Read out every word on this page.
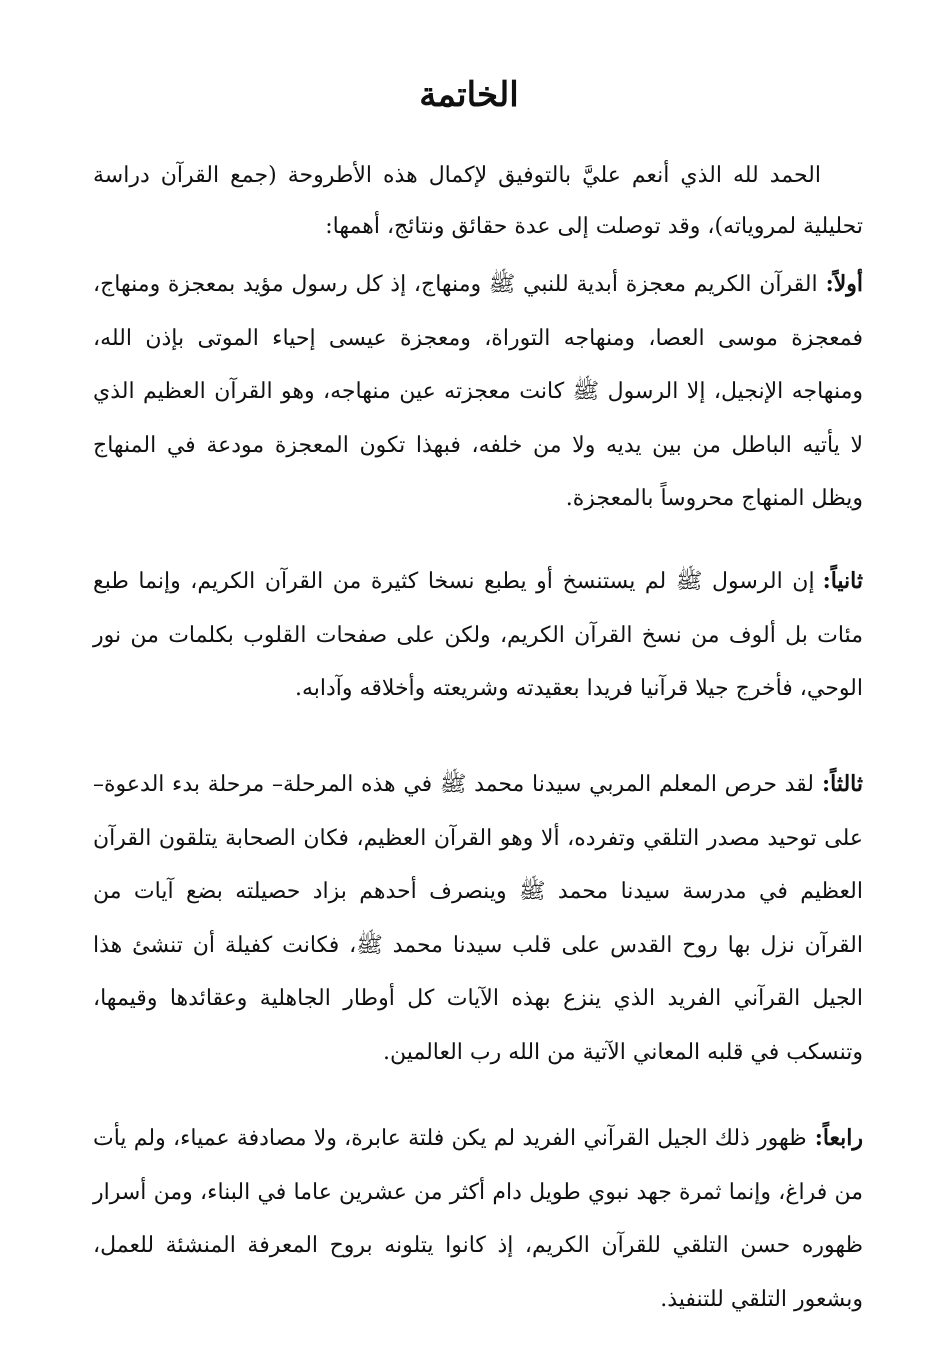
الخاتمة

الحمد لله الذي أنعم عليَّ بالتوفيق لإكمال هذه الأطروحة (جمع القرآن دراسة تحليلية لمروياته)، وقد توصلت إلى عدة حقائق ونتائج، أهمها:

أولاً:القرآن الكريم معجزة أبدية للنبي ﷺ ومنهاج، إذ كل رسول مؤيد بمعجزة ومنهاج، فمعجزة موسى العصا، ومنهاجه التوراة، ومعجزة عيسى إحياء الموتى بإذن الله، ومنهاجه الإنجيل، إلا الرسول ﷺ كانت معجزته عين منهاجه، وهو القرآن العظيم الذي لا يأتيه الباطل من بين يديه ولا من خلفه، فبهذا تكون المعجزة مودعة في المنهاج ويظل المنهاج محروساً بالمعجزة.

ثانياً:إن الرسول ﷺ لم يستنسخ أو يطبع نسخا كثيرة من القرآن الكريم، وإنما طبع مئات بل ألوف من نسخ القرآن الكريم، ولكن على صفحات القلوب بكلمات من نور الوحي، فأخرج جيلا قرآنيا فريدا بعقيدته وشريعته وأخلاقه وآدابه.

ثالثاً:لقد حرص المعلم المربي سيدنا محمد ﷺ في هذه المرحلة– مرحلة بدء الدعوة– على توحيد مصدر التلقي وتفرده، ألا وهو القرآن العظيم، فكان الصحابة يتلقون القرآن العظيم في مدرسة سيدنا محمد ﷺ وينصرف أحدهم بزاد حصيلته بضع آيات من القرآن نزل بها روح القدس على قلب سيدنا محمد ﷺ، فكانت كفيلة أن تنشئ هذا الجيل القرآني الفريد الذي ينزع بهذه الآيات كل أوطار الجاهلية وعقائدها وقيمها، وتنسكب في قلبه المعاني الآتية من الله رب العالمين.

رابعاً:ظهور ذلك الجيل القرآني الفريد لم يكن فلتة عابرة، ولا مصادفة عمياء، ولم يأت من فراغ، وإنما ثمرة جهد نبوي طويل دام أكثر من عشرين عاما في البناء، ومن أسرار ظهوره حسن التلقي للقرآن الكريم، إذ كانوا يتلونه بروح المعرفة المنشئة للعمل، وبشعور التلقي للتنفيذ.
